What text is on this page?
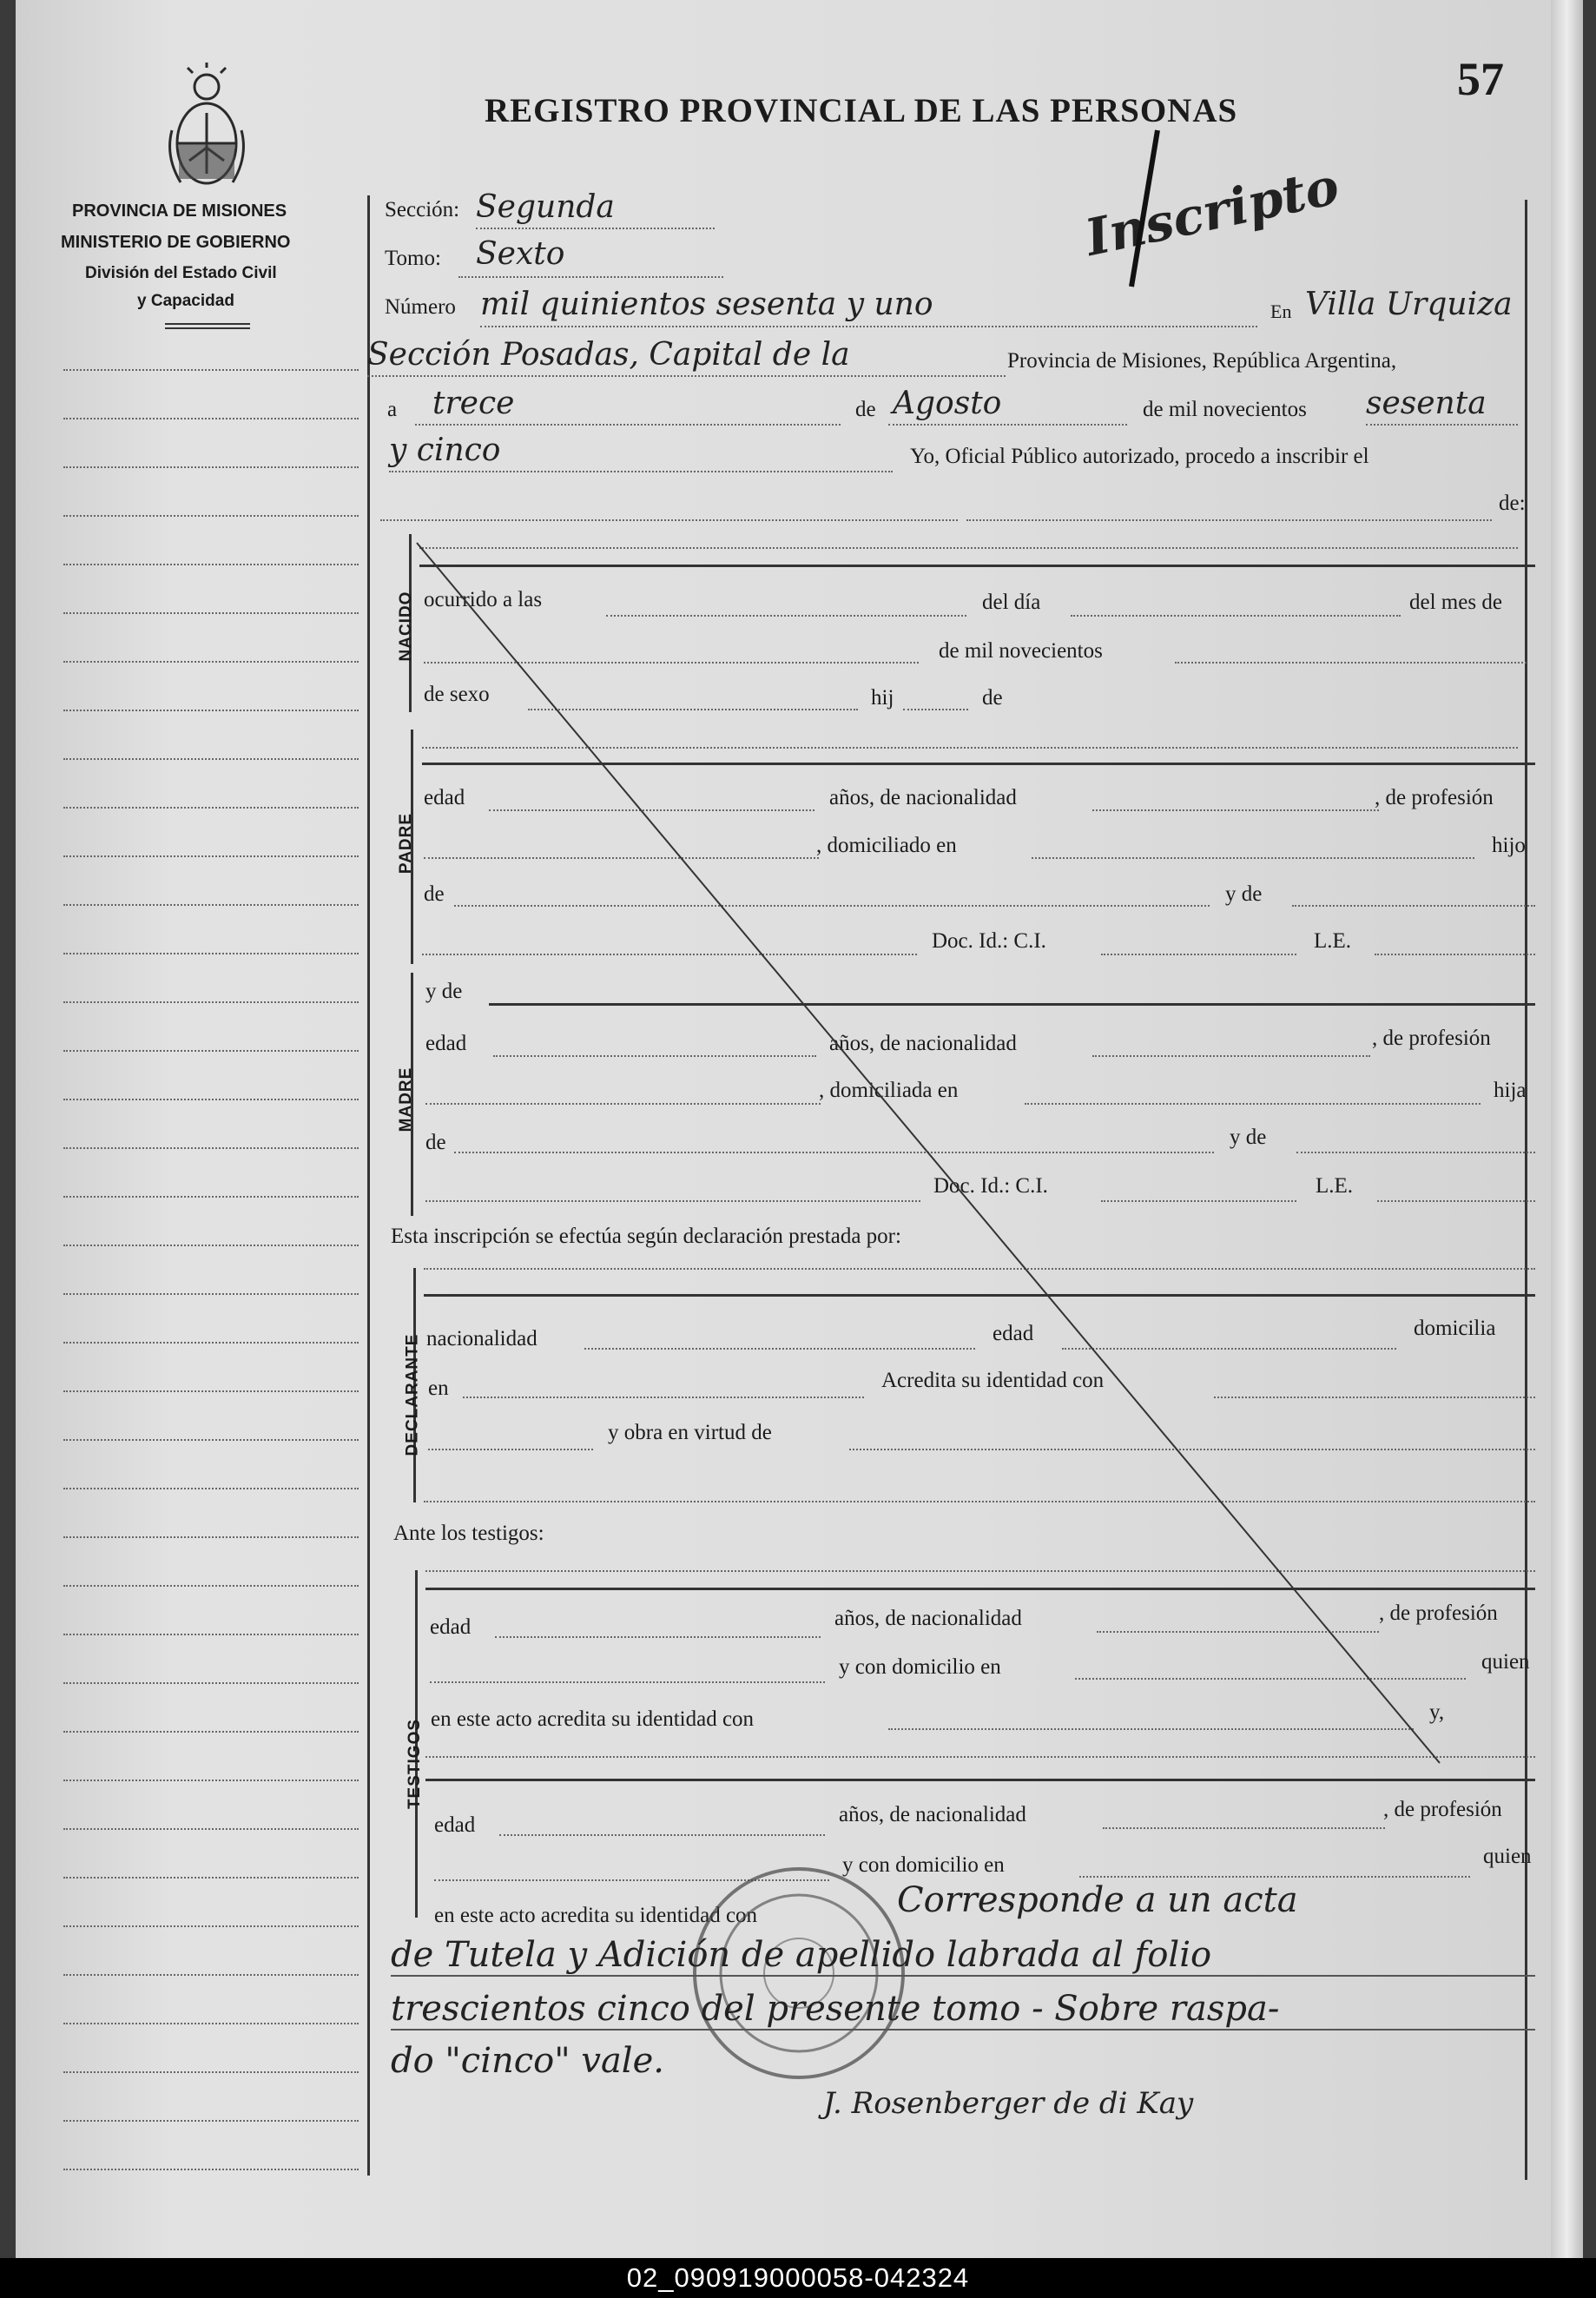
PROVINCIA DE MISIONES
MINISTERIO DE GOBIERNO
División del Estado Civil
y Capacidad
REGISTRO PROVINCIAL DE LAS PERSONAS
57
Inscripto
Sección: Segunda
Tomo: Sexto
Número mil quinientos sesenta y uno	En Villa Urquiza
Sección Posadas, Capital de la	Provincia de Misiones, República Argentina,
a trece	de Agosto	de mil novecientos sesenta
y cinco	Yo, Oficial Público autorizado, procedo a inscribir el
de:
NACIDO ocurrido a las	del día	del mes de
de mil novecientos
de sexo	hij	de
PADRE
edad	años, de nacionalidad	, de profesión
, domiciliado en	hijo
de	y de
Doc. Id.: C.I.	L.E.
MADRE
y de
edad	años, de nacionalidad	, de profesión
, domiciliada en	hija
de	y de
Doc. Id.: C.I.	L.E.
Esta inscripción se efectúa según declaración prestada por:
DECLARANTE nacionalidad	edad	domicilia
en	Acredita su identidad con
y obra en virtud de
Ante los testigos:
TESTIGOS
edad	años, de nacionalidad	, de profesión
y con domicilio en	quien
en este acto acredita su identidad con	y,
edad	años, de nacionalidad	, de profesión
y con domicilio en	quien
en este acto acredita su identidad con	Corresponde a un acta
de Tutela y Adición de apellido labrada al folio
trescientos cinco del presente tomo - Sobre raspa-
do "cinco" vale.
J. Rosenberger de di Kay
02_090919000058-042324
